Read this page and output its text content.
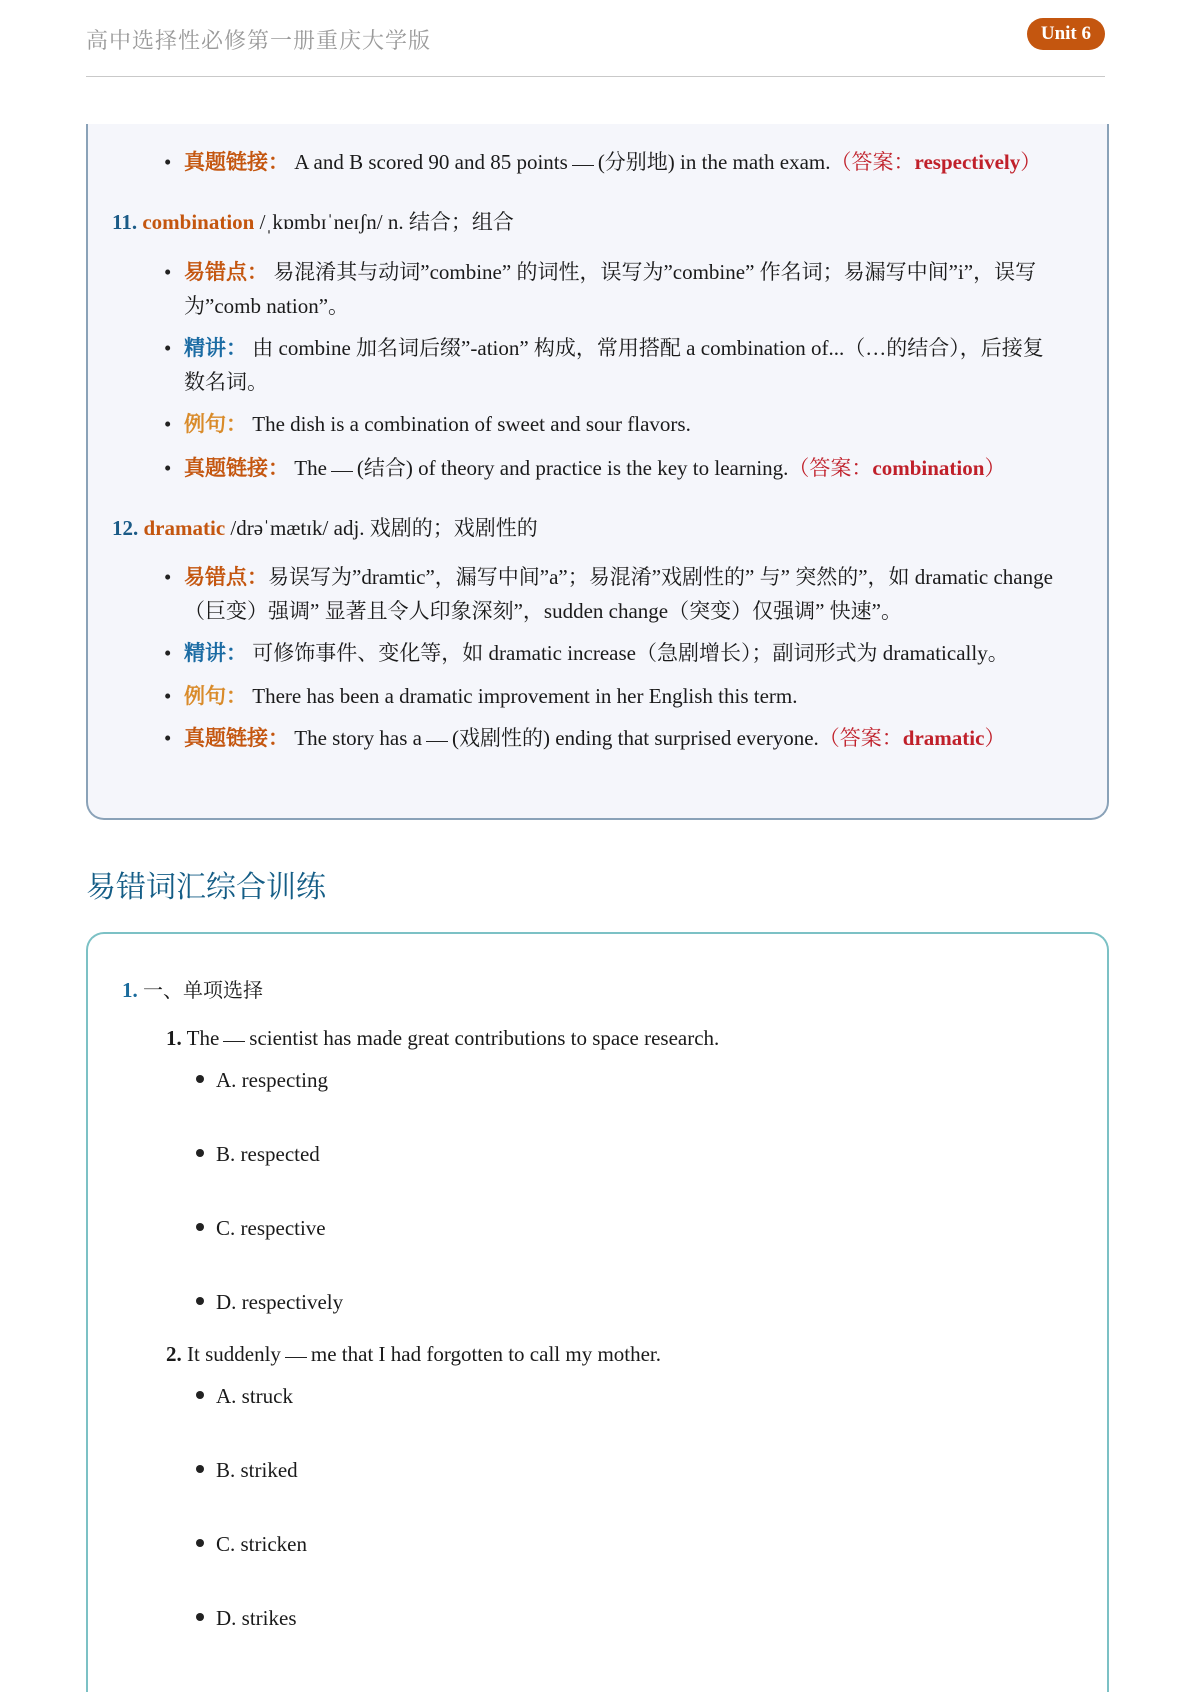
高中选择性必修第一册重庆大学版	Unit 6
• 真题链接： A and B scored 90 and 85 points (分别地) in the math exam.（答案：respectively）
11. combination /ˌkɒmbɪˈneɪʃn/ n. 结合；组合
• 易错点： 易混淆其与动词”combine” 的词性，误写为”combine” 作名词；易漏写中间”i”，误写
为”comb nation”。
• 精讲： 由 combine 加名词后缀”-ation” 构成，常用搭配 a combination of...（…的结合），后接复
数名词。
• 例句： The dish is a combination of sweet and sour flavors.
• 真题链接： The (结合) of theory and practice is the key to learning.（答案：combination）
12. dramatic /drəˈmætɪk/ adj. 戏剧的；戏剧性的
• 易错点：易误写为”dramtic”，漏写中间”a”；易混淆”戏剧性的” 与” 突然的”，如 dramatic change
（巨变）强调” 显著且令人印象深刻”，sudden change（突变）仅强调” 快速”。
• 精讲： 可修饰事件、变化等，如 dramatic increase（急剧增长）；副词形式为 dramatically。
• 例句： There has been a dramatic improvement in her English this term.
• 真题链接： The story has a (戏剧性的) ending that surprised everyone.（答案：dramatic）
易错词汇综合训练
1. 一、单项选择
1. The scientist has made great contributions to space research.
A. respecting
B. respected
C. respective
D. respectively
2. It suddenly me that I had forgotten to call my mother.
A. struck
B. striked
C. stricken
D. strikes
